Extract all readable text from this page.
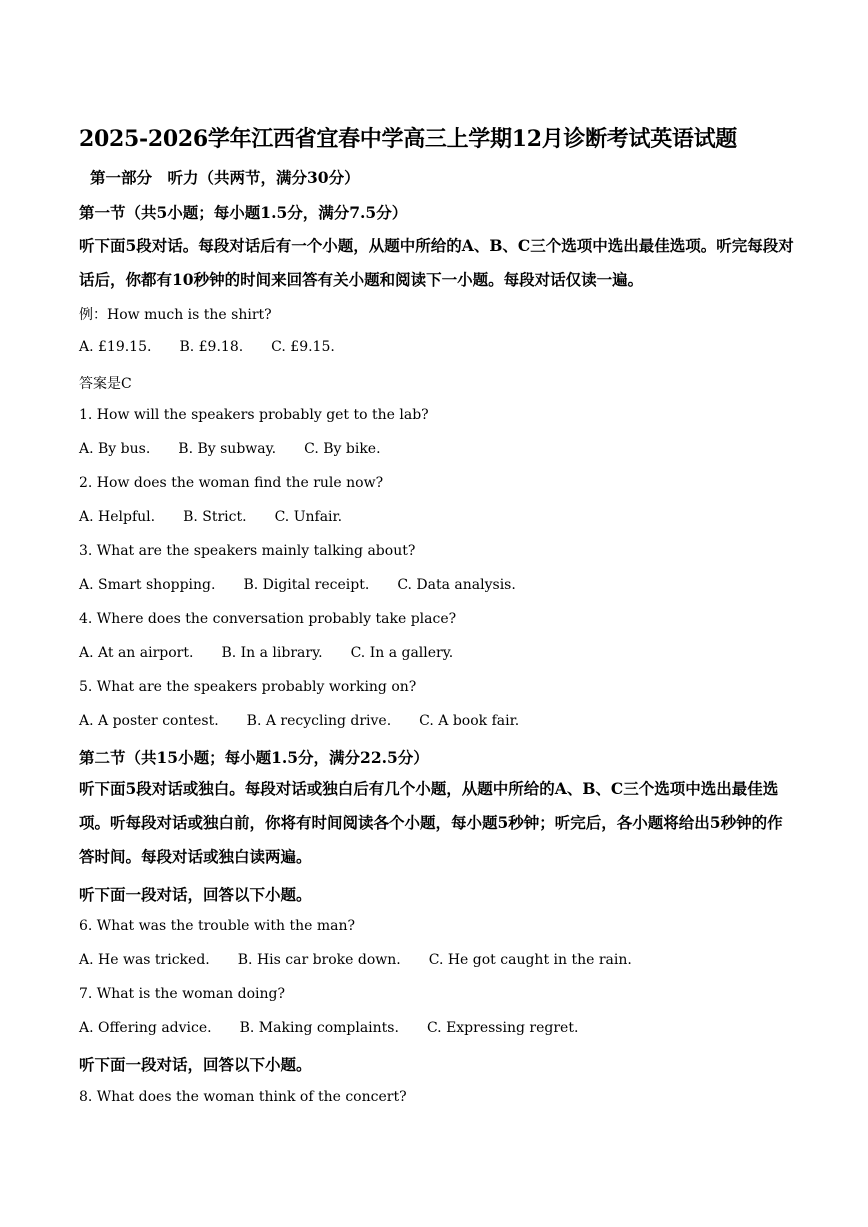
2025-2026学年江西省宜春中学高三上学期12月诊断考试英语试题
第一部分　听力（共两节，满分30分）
第一节（共5小题；每小题1.5分，满分7.5分）
听下面5段对话。每段对话后有一个小题，从题中所给的A、B、C三个选项中选出最佳选项。听完每段对话后，你都有10秒钟的时间来回答有关小题和阅读下一小题。每段对话仅读一遍。
例：How much is the shirt?
A. £19.15. B. £9.18. C. £9.15.
答案是C
1. How will the speakers probably get to the lab?
A. By bus. B. By subway. C. By bike.
2. How does the woman find the rule now?
A. Helpful. B. Strict. C. Unfair.
3. What are the speakers mainly talking about?
A. Smart shopping. B. Digital receipt. C. Data analysis.
4. Where does the conversation probably take place?
A. At an airport. B. In a library. C. In a gallery.
5. What are the speakers probably working on?
A. A poster contest. B. A recycling drive. C. A book fair.
第二节（共15小题；每小题1.5分，满分22.5分）
听下面5段对话或独白。每段对话或独白后有几个小题，从题中所给的A、B、C三个选项中选出最佳选项。听每段对话或独白前，你将有时间阅读各个小题，每小题5秒钟；听完后，各小题将给出5秒钟的作答时间。每段对话或独白读两遍。
听下面一段对话，回答以下小题。
6. What was the trouble with the man?
A. He was tricked. B. His car broke down. C. He got caught in the rain.
7. What is the woman doing?
A. Offering advice. B. Making complaints. C. Expressing regret.
听下面一段对话，回答以下小题。
8. What does the woman think of the concert?
